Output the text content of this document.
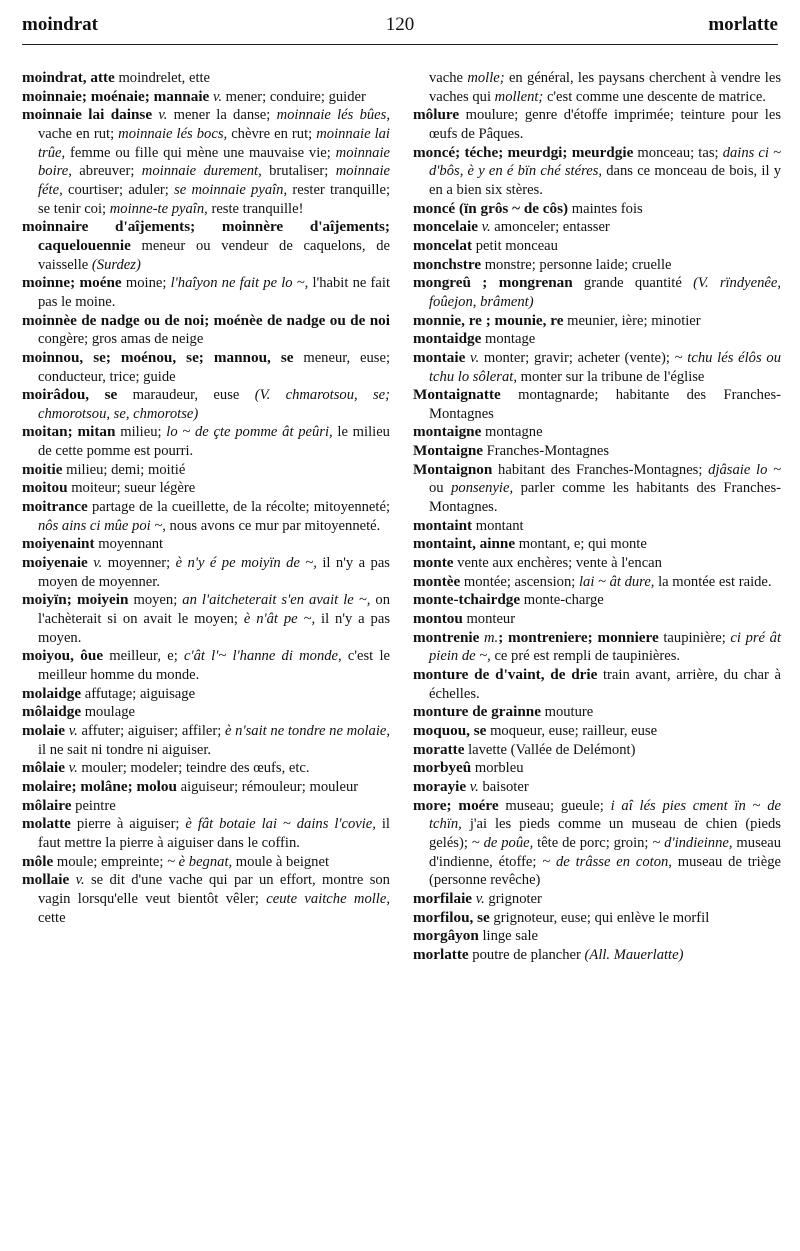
moindrat	120	morlatte

moindrat, atte moindrelet, ette

moinnaie; moénaie; mannaie v. mener; conduire; guider

moinnaie lai dainse v. mener la danse; moinnaie lés bûes, vache en rut; moinnaie lés bocs, chèvre en rut; moinnaie lai trûe, femme ou fille qui mène une mauvaise vie; moinnaie boire, abreuver; moinnaie durement, brutaliser; moinnaie féte, courtiser; aduler; se moinnaie pyaîn, rester tranquille; se tenir coi; moinne-te pyaîn, reste tranquille!

moinnaire d'aîjements; moinnère d'aîjements; caquelouennie meneur ou vendeur de caquelons, de vaisselle (Surdez)

moinne; moéne moine; l'haîyon ne fait pe lo ~, l'habit ne fait pas le moine.

moinnèe de nadge ou de noi; moénèe de nadge ou de noi congère; gros amas de neige

moinnou, se; moénou, se; mannou, se meneur, euse; conducteur, trice; guide

moirâdou, se maraudeur, euse (V. chmarotsou, se; chmorotsou, se, chmorotse)

moitan; mitan milieu; lo ~ de çte pomme ât peûri, le milieu de cette pomme est pourri.

moitie milieu; demi; moitié

moitou moiteur; sueur légère

moitrance partage de la cueillette, de la récolte; mitoyenneté; nôs ains ci mûe poi ~, nous avons ce mur par mitoyenneté.

moiyenaint moyennant

moiyenaie v. moyenner; è n'y é pe moiyïn de ~, il n'y a pas moyen de moyenner.

moiyïn; moiyein moyen; an l'aitcheterait s'en avait le ~, on l'achèterait si on avait le moyen; è n'ât pe ~, il n'y a pas moyen.

moiyou, ôue meilleur, e; c'ât l'~ l'hanne di monde, c'est le meilleur homme du monde.

molaidge affutage; aiguisage

môlaidge moulage

molaie v. affuter; aiguiser; affiler; è n'sait ne tondre ne molaie, il ne sait ni tondre ni aiguiser.

môlaie v. mouler; modeler; teindre des œufs, etc.

molaire; molâne; molou aiguiseur; rémouleur; mouleur

môlaire peintre

molatte pierre à aiguiser; è fât botaie lai ~ dains l'covie, il faut mettre la pierre à aiguiser dans le coffin.

môle moule; empreinte; ~ è begnat, moule à beignet

mollaie v. se dit d'une vache qui par un effort, montre son vagin lorsqu'elle veut bientôt vêler; ceute vaitche molle, cette

vache molle; en général, les paysans cherchent à vendre les vaches qui mollent; c'est comme une descente de matrice.

môlure moulure; genre d'étoffe imprimée; teinture pour les œufs de Pâques.

moncé; téche; meurdgi; meurdgie monceau; tas; dains ci ~ d'bôs, è y en é bïn ché stéres, dans ce monceau de bois, il y en a bien six stères.

moncé (ïn grôs ~ de côs) maintes fois

moncelaie v. amonceler; entasser

moncelat petit monceau

monchstre monstre; personne laide; cruelle

mongreû ; mongrenan grande quantité (V. rïndyenêe, foûejon, brâment)

monnie, re ; mounie, re meunier, ière; minotier

montaidge montage

montaie v. monter; gravir; acheter (vente); ~ tchu lés élôs ou tchu lo sôlerat, monter sur la tribune de l'église

Montaignatte montagnarde; habitante des Franches-Montagnes

montaigne montagne

Montaigne Franches-Montagnes

Montaignon habitant des Franches-Montagnes; djâsaie lo ~ ou ponsenyie, parler comme les habitants des Franches-Montagnes.

montaint montant

montaint, ainne montant, e; qui monte

monte vente aux enchères; vente à l'encan

montèe montée; ascension; lai ~ ât dure, la montée est raide.

monte-tchairdge monte-charge

montou monteur

montrenie m.; montreniere; monniere taupinière; ci pré ât piein de ~, ce pré est rempli de taupinières.

monture de d'vaint, de drie train avant, arrière, du char à échelles.

monture de grainne mouture

moquou, se moqueur, euse; railleur, euse

moratte lavette (Vallée de Delémont)

morbyeû morbleu

morayie v. baisoter

more; moére museau; gueule; i aî lés pies cment ïn ~ de tchïn, j'ai les pieds comme un museau de chien (pieds gelés); ~ de poûe, tête de porc; groin; ~ d'indieinne, museau d'indienne, étoffe; ~ de trâsse en coton, museau de triège (personne revêche)

morfilaie v. grignoter

morfilou, se grignoteur, euse; qui enlève le morfil

morgâyon linge sale

morlatte poutre de plancher (All. Mauerlatte)
